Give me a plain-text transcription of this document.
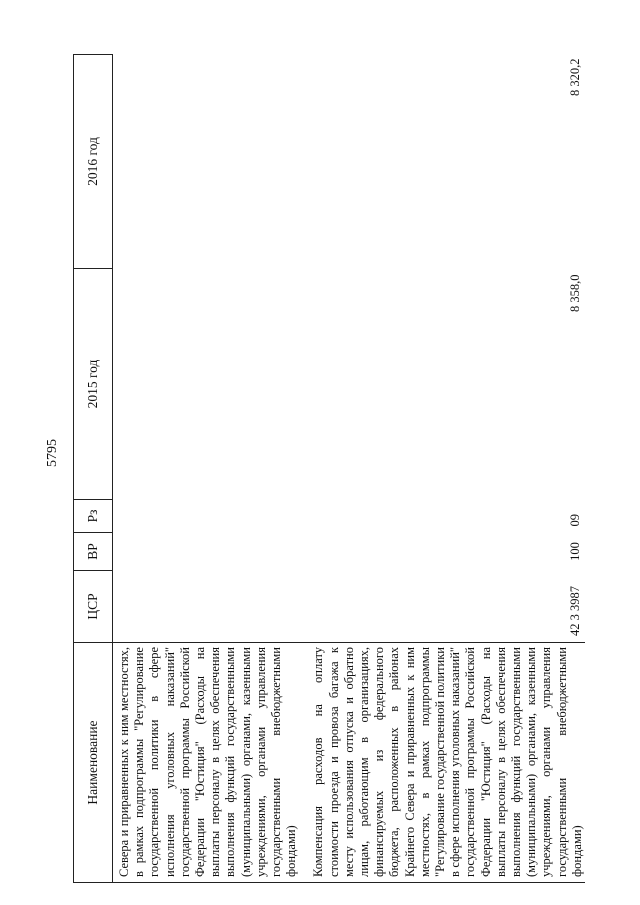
5795
Наименование	ЦСР	ВР	Рз	2015 год	2016 год

Севера и приравненных к ним местностях, в рамках подпрограммы "Регулирование государственной политики в сфере исполнения уголовных наказаний" государственной программы Российской Федерации "Юстиция" (Расходы на выплаты персоналу в целях обеспечения выполнения функций государственными (муниципальными) органами, казенными учреждениями, органами управления государственными внебюджетными фондами)					

Компенсация расходов на оплату стоимости проезда и провоза багажа к месту использования отпуска и обратно лицам, работающим в организациях, финансируемых из федерального бюджета, расположенных в районах Крайнего Севера и приравненных к ним местностях, в рамках подпрограммы "Регулирование государственной политики в сфере исполнения уголовных наказаний" государственной программы Российской Федерации "Юстиция" (Расходы на выплаты персоналу в целях обеспечения выполнения функций государственными (муниципальными) органами, казенными учреждениями, органами управления государственными внебюджетными фондами)	42 3 3987	100	09	8 358,0	8 320,2
